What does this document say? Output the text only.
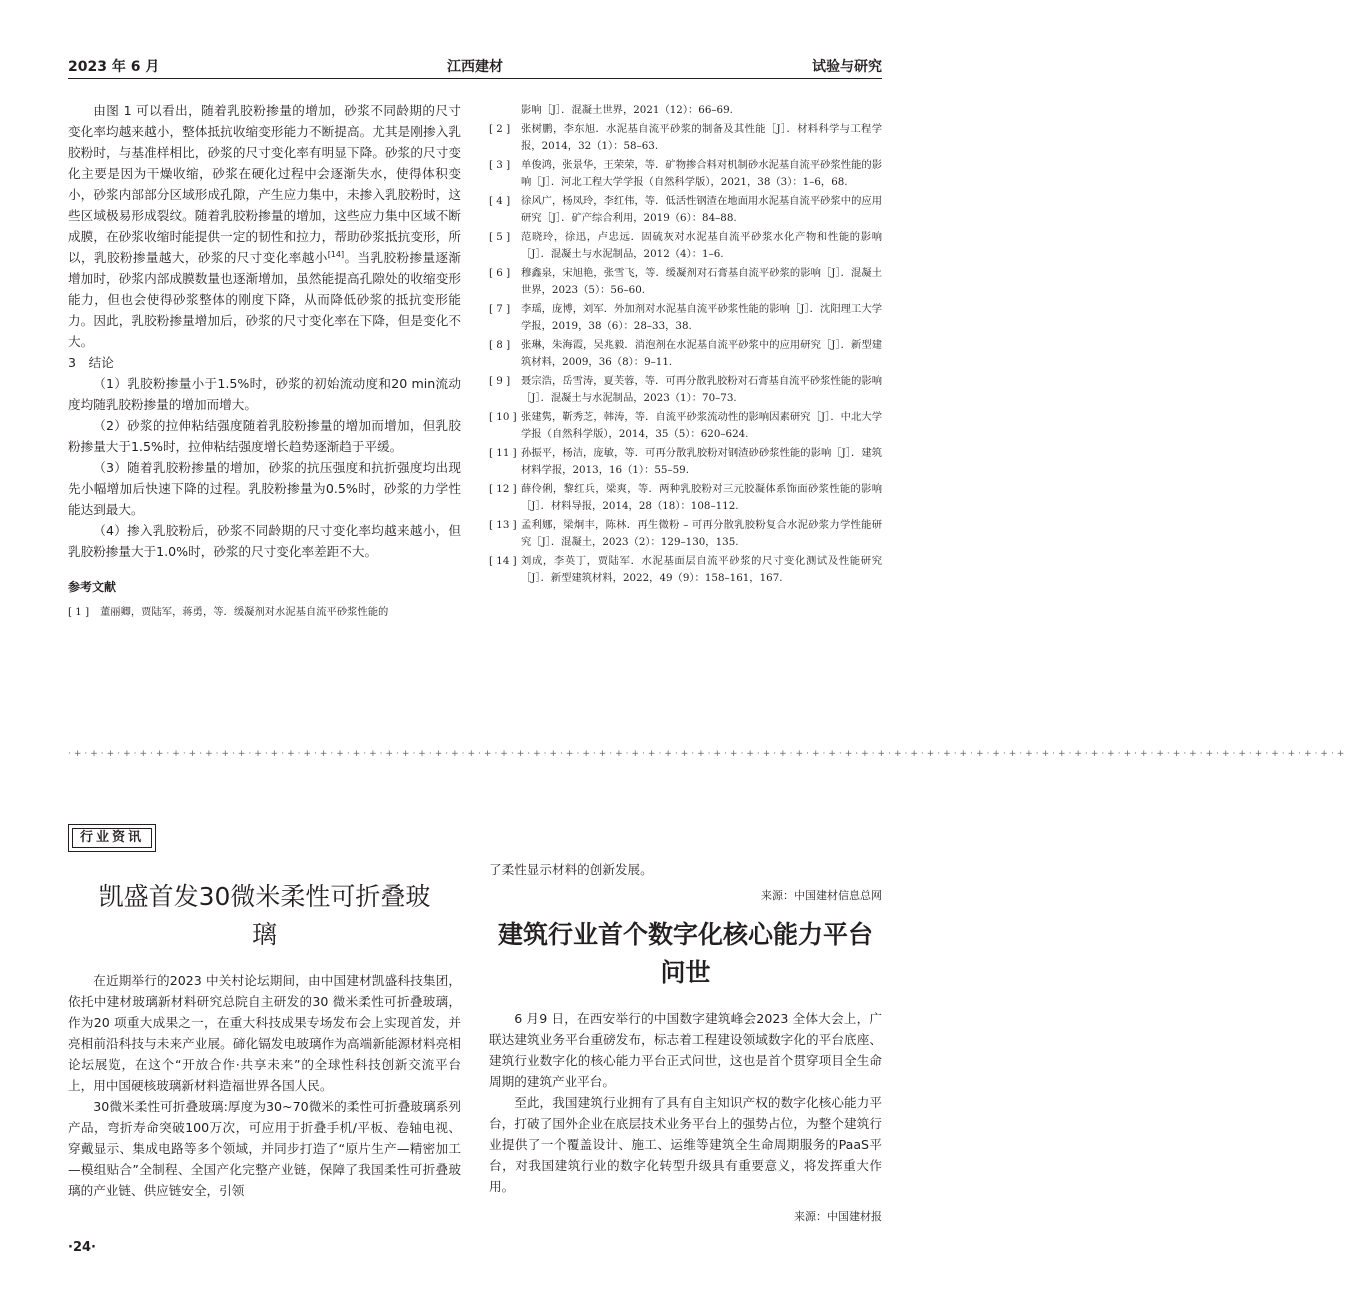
2023 年 6 月	江西建材	试验与研究

由图 1 可以看出，随着乳胶粉掺量的增加，砂浆不同龄期的尺寸变化率均越来越小，整体抵抗收缩变形能力不断提高。尤其是刚掺入乳胶粉时，与基准样相比，砂浆的尺寸变化率有明显下降。砂浆的尺寸变化主要是因为干燥收缩，砂浆在硬化过程中会逐渐失水，使得体积变小，砂浆内部部分区域形成孔隙，产生应力集中，未掺入乳胶粉时，这些区域极易形成裂纹。随着乳胶粉掺量的增加，这些应力集中区域不断成膜，在砂浆收缩时能提供一定的韧性和拉力，帮助砂浆抵抗变形，所以，乳胶粉掺量越大，砂浆的尺寸变化率越小[14]。当乳胶粉掺量逐渐增加时，砂浆内部成膜数量也逐渐增加，虽然能提高孔隙处的收缩变形能力，但也会使得砂浆整体的刚度下降，从而降低砂浆的抵抗变形能力。因此，乳胶粉掺量增加后，砂浆的尺寸变化率在下降，但是变化不大。

3　结论

（1）乳胶粉掺量小于1.5%时，砂浆的初始流动度和20 min流动度均随乳胶粉掺量的增加而增大。

（2）砂浆的拉伸粘结强度随着乳胶粉掺量的增加而增加，但乳胶粉掺量大于1.5%时，拉伸粘结强度增长趋势逐渐趋于平缓。

（3）随着乳胶粉掺量的增加，砂浆的抗压强度和抗折强度均出现先小幅增加后快速下降的过程。乳胶粉掺量为0.5%时，砂浆的力学性能达到最大。

（4）掺入乳胶粉后，砂浆不同龄期的尺寸变化率均越来越小，但乳胶粉掺量大于1.0%时，砂浆的尺寸变化率差距不大。

参考文献
[ 1 ] 董丽卿，贾陆军，蒋勇，等．缓凝剂对水泥基自流平砂浆性能的
影响［J］．混凝土世界，2021（12）：66–69.
[ 2 ] 张树鹏，李东旭．水泥基自流平砂浆的制备及其性能［J］．材料科学与工程学报，2014，32（1）：58–63.
[ 3 ] 单俊鸿，张景华，王荣荣，等．矿物掺合料对机制砂水泥基自流平砂浆性能的影响［J］．河北工程大学学报（自然科学版），2021，38（3）：1–6，68.
[ 4 ] 徐风广，杨凤玲，李红伟，等．低活性钢渣在地面用水泥基自流平砂浆中的应用研究［J］．矿产综合利用，2019（6）：84–88.
[ 5 ] 范晓玲，徐迅，卢忠远．固硫灰对水泥基自流平砂浆水化产物和性能的影响［J］．混凝土与水泥制品，2012（4）：1–6.
[ 6 ] 穆鑫泉，宋旭艳，张雪飞，等．缓凝剂对石膏基自流平砂浆的影响［J］．混凝土世界，2023（5）：56–60.
[ 7 ] 李瑶，庞博，刘军．外加剂对水泥基自流平砂浆性能的影响［J］．沈阳理工大学学报，2019，38（6）：28–33，38.
[ 8 ] 张琳，朱海霞，吴兆毅．消泡剂在水泥基自流平砂浆中的应用研究［J］．新型建筑材料，2009，36（8）：9–11.
[ 9 ] 聂宗浩，岳雪涛，夏芙蓉，等．可再分散乳胶粉对石膏基自流平砂浆性能的影响［J］．混凝土与水泥制品，2023（1）：70–73.
[ 10 ] 张建隽，靳秀芝，韩涛，等．自流平砂浆流动性的影响因素研究［J］．中北大学学报（自然科学版），2014，35（5）：620–624.
[ 11 ] 孙振平，杨洁，庞敏，等．可再分散乳胶粉对钢渣砂砂浆性能的影响［J］．建筑材料学报，2013，16（1）：55–59.
[ 12 ] 薛伶俐，黎红兵，梁爽，等．两种乳胶粉对三元胶凝体系饰面砂浆性能的影响［J］．材料导报，2014，28（18）：108–112.
[ 13 ] 孟利娜，梁炯丰，陈林．再生微粉 – 可再分散乳胶粉复合水泥砂浆力学性能研究［J］．混凝土，2023（2）：129–130，135.
[ 14 ] 刘成，李英丁，贾陆军．水泥基面层自流平砂浆的尺寸变化测试及性能研究［J］．新型建筑材料，2022，49（9）：158–161，167.
·+·+·+·+·+·+·+·+·+·+·+·+·+·+·+·+·+·+·+·+·+·+·+·+·+·+·+·+·+·+·+·+·+·+·+·+·+·+·+·+·+·+·+·+·+·+·+·+·+·+·+·+·+·+·+·+·+·+·+·+·+·+·+·+·+·+·+·+·+·+·+·+·+·+·+·+·+·+
行业资讯
凯盛首发30微米柔性可折叠玻璃

在近期举行的2023 中关村论坛期间，由中国建材凯盛科技集团，依托中建材玻璃新材料研究总院自主研发的30 微米柔性可折叠玻璃，作为20 项重大成果之一，在重大科技成果专场发布会上实现首发，并亮相前沿科技与未来产业展。碲化镉发电玻璃作为高端新能源材料亮相论坛展览，在这个“开放合作·共享未来”的全球性科技创新交流平台上，用中国硬核玻璃新材料造福世界各国人民。

30微米柔性可折叠玻璃:厚度为30~70微米的柔性可折叠玻璃系列产品，弯折寿命突破100万次，可应用于折叠手机/平板、卷轴电视、穿戴显示、集成电路等多个领域，并同步打造了“原片生产—精密加工—模组贴合”全制程、全国产化完整产业链，保障了我国柔性可折叠玻璃的产业链、供应链安全，引领

了柔性显示材料的创新发展。
来源：中国建材信息总网
建筑行业首个数字化核心能力平台问世

6 月9 日，在西安举行的中国数字建筑峰会2023 全体大会上，广联达建筑业务平台重磅发布，标志着工程建设领域数字化的平台底座、建筑行业数字化的核心能力平台正式问世，这也是首个贯穿项目全生命周期的建筑产业平台。

至此，我国建筑行业拥有了具有自主知识产权的数字化核心能力平台，打破了国外企业在底层技术业务平台上的强势占位，为整个建筑行业提供了一个覆盖设计、施工、运维等建筑全生命周期服务的PaaS平台，对我国建筑行业的数字化转型升级具有重要意义，将发挥重大作用。

来源：中国建材报
·24·
